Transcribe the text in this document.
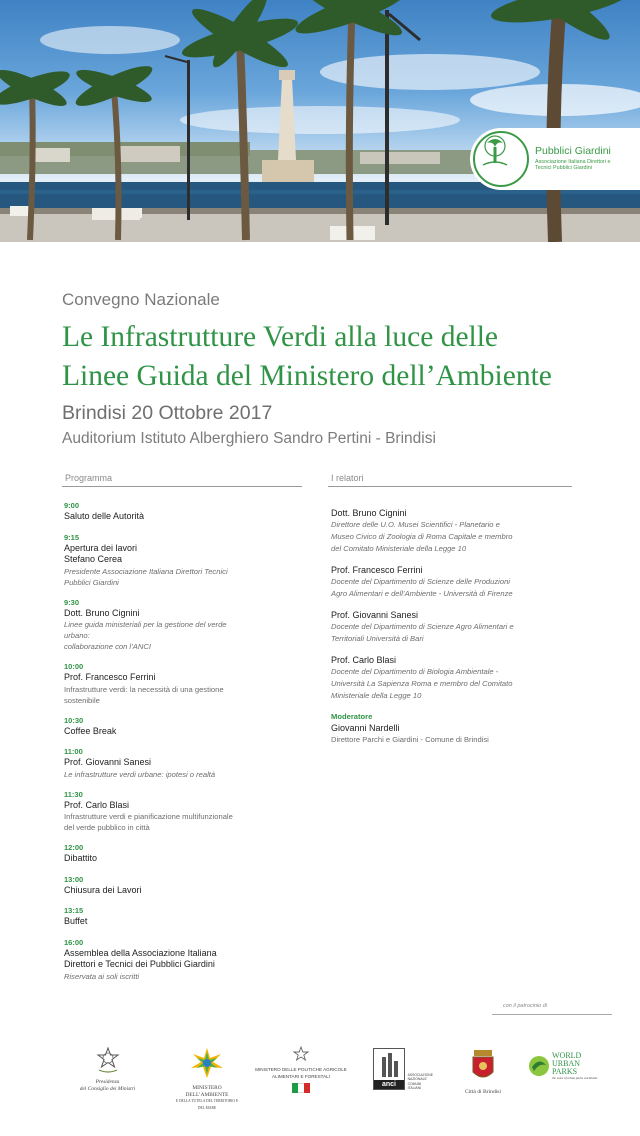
Pubblici Giardini
Associazione Italiana Direttori e Tecnici Pubblici Giardini
Convegno Nazionale
Le Infrastrutture Verdi alla luce delle
Linee Guida del Ministero dell’Ambiente
Brindisi 20 Ottobre 2017
Auditorium Istituto Alberghiero Sandro Pertini - Brindisi
Programma	I relatori
9:00
Saluto delle Autorità
9:15
Apertura dei lavori
Stefano Cerea
Presidente Associazione Italiana Direttori Tecnici
Pubblici Giardini
9:30
Dott. Bruno Cignini
Linee guida ministeriali per la gestione del verde
urbano:
collaborazione con l’ANCI
10:00
Prof. Francesco Ferrini
Infrastrutture verdi: la necessità di una gestione
sostenibile
10:30
Coffee Break
11:00
Prof. Giovanni Sanesi
Le infrastrutture verdi urbane: ipotesi o realtà
11:30
Prof. Carlo Blasi
Infrastrutture verdi e pianificazione multifunzionale
del verde pubblico in città
12:00
Dibattito
13:00
Chiusura dei Lavori
13:15
Buffet
16:00
Assemblea della Associazione Italiana
Direttori e Tecnici dei Pubblici Giardini
Riservata ai soli iscritti
Dott. Bruno Cignini
Direttore delle U.O. Musei Scientifici - Planetario e
Museo Civico di Zoologia di Roma Capitale e membro
del Comitato Ministeriale della Legge 10
Prof. Francesco Ferrini
Docente del Dipartimento di Scienze delle Produzioni
Agro Alimentari e dell’Ambiente - Università di Firenze
Prof. Giovanni Sanesi
Docente del Dipartimento di Scienze Agro Alimentari e
Territoriali Università di Bari
Prof. Carlo Blasi
Docente del Dipartimento di Biologia Ambientale -
Università La Sapienza Roma e membro del Comitato
Ministeriale della Legge 10
Moderatore
Giovanni Nardelli
Direttore Parchi e Giardini - Comune di Brindisi
con il patrocinio di
Presidenza
del Consiglio dei Ministri	MINISTERO DELL’AMBIENTE
E DELLA TUTELA DEL TERRITORIO E DEL MARE
MINISTERO DELLE POLITICHE AGRICOLE
ALIMENTARI E FORESTALI
anci
ASSOCIAZIONE
NAZIONALE
COMUNI
ITALIANI
Città di Brindisi
WORLD
URBAN
PARKS
the voice of urban parks worldwide
